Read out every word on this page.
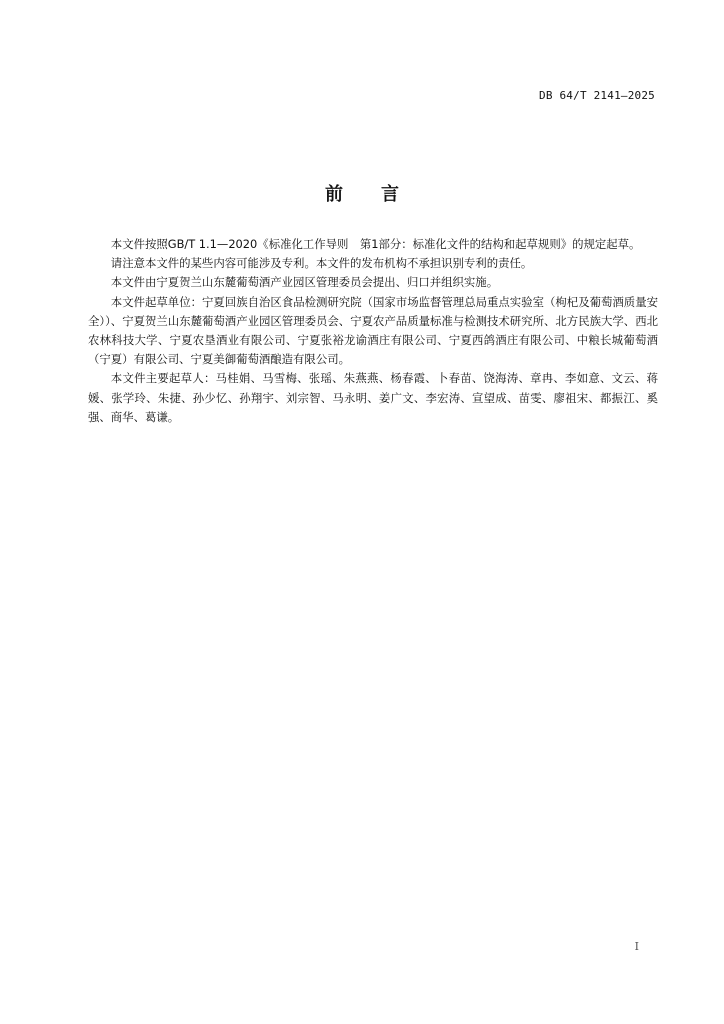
DB 64/T 2141—2025
前言

本文件按照GB/T 1.1—2020《标准化工作导则　第1部分：标准化文件的结构和起草规则》的规定起草。

请注意本文件的某些内容可能涉及专利。本文件的发布机构不承担识别专利的责任。

本文件由宁夏贺兰山东麓葡萄酒产业园区管理委员会提出、归口并组织实施。

本文件起草单位：宁夏回族自治区食品检测研究院（国家市场监督管理总局重点实验室（枸杞及葡萄酒质量安全））、宁夏贺兰山东麓葡萄酒产业园区管理委员会、宁夏农产品质量标准与检测技术研究所、北方民族大学、西北农林科技大学、宁夏农垦酒业有限公司、宁夏张裕龙谕酒庄有限公司、宁夏西鸽酒庄有限公司、中粮长城葡萄酒（宁夏）有限公司、宁夏美御葡萄酒酿造有限公司。

本文件主要起草人：马桂娟、马雪梅、张瑶、朱燕燕、杨春霞、卜春苗、饶海涛、章冉、李如意、文云、蒋媛、张学玲、朱捷、孙少忆、孙翔宇、刘宗智、马永明、姜广文、李宏涛、宣望成、苗雯、廖祖宋、都振江、奚强、商华、葛谦。

I
